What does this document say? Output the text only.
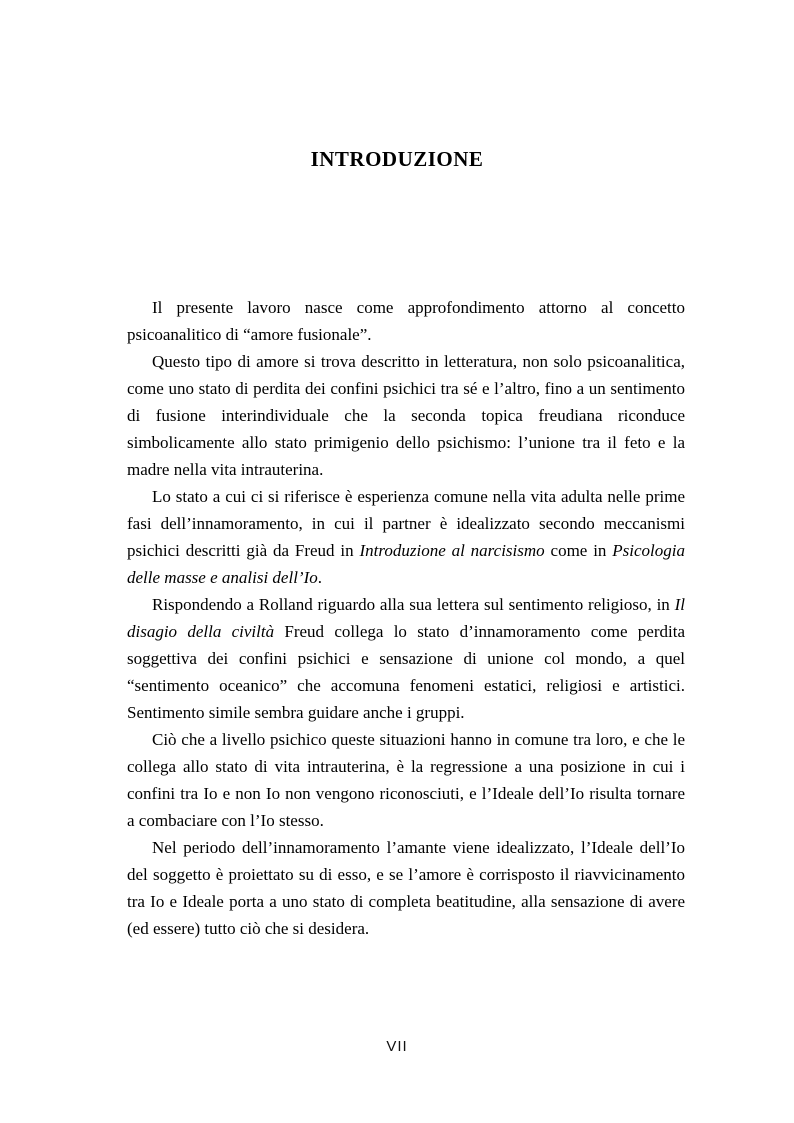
INTRODUZIONE

Il presente lavoro nasce come approfondimento attorno al concetto psicoanalitico di “amore fusionale”.

Questo tipo di amore si trova descritto in letteratura, non solo psicoanalitica, come uno stato di perdita dei confini psichici tra sé e l’altro, fino a un sentimento di fusione interindividuale che la seconda topica freudiana riconduce simbolicamente allo stato primigenio dello psichismo: l’unione tra il feto e la madre nella vita intrauterina.

Lo stato a cui ci si riferisce è esperienza comune nella vita adulta nelle prime fasi dell’innamoramento, in cui il partner è idealizzato secondo meccanismi psichici descritti già da Freud in Introduzione al narcisismo come in Psicologia delle masse e analisi dell’Io.

Rispondendo a Rolland riguardo alla sua lettera sul sentimento religioso, in Il disagio della civiltà Freud collega lo stato d’innamoramento come perdita soggettiva dei confini psichici e sensazione di unione col mondo, a quel “sentimento oceanico” che accomuna fenomeni estatici, religiosi e artistici. Sentimento simile sembra guidare anche i gruppi.

Ciò che a livello psichico queste situazioni hanno in comune tra loro, e che le collega allo stato di vita intrauterina, è la regressione a una posizione in cui i confini tra Io e non Io non vengono riconosciuti, e l’Ideale dell’Io risulta tornare a combaciare con l’Io stesso.

Nel periodo dell’innamoramento l’amante viene idealizzato, l’Ideale dell’Io del soggetto è proiettato su di esso, e se l’amore è corrisposto il riavvicinamento tra Io e Ideale porta a uno stato di completa beatitudine, alla sensazione di avere (ed essere) tutto ciò che si desidera.

VII
